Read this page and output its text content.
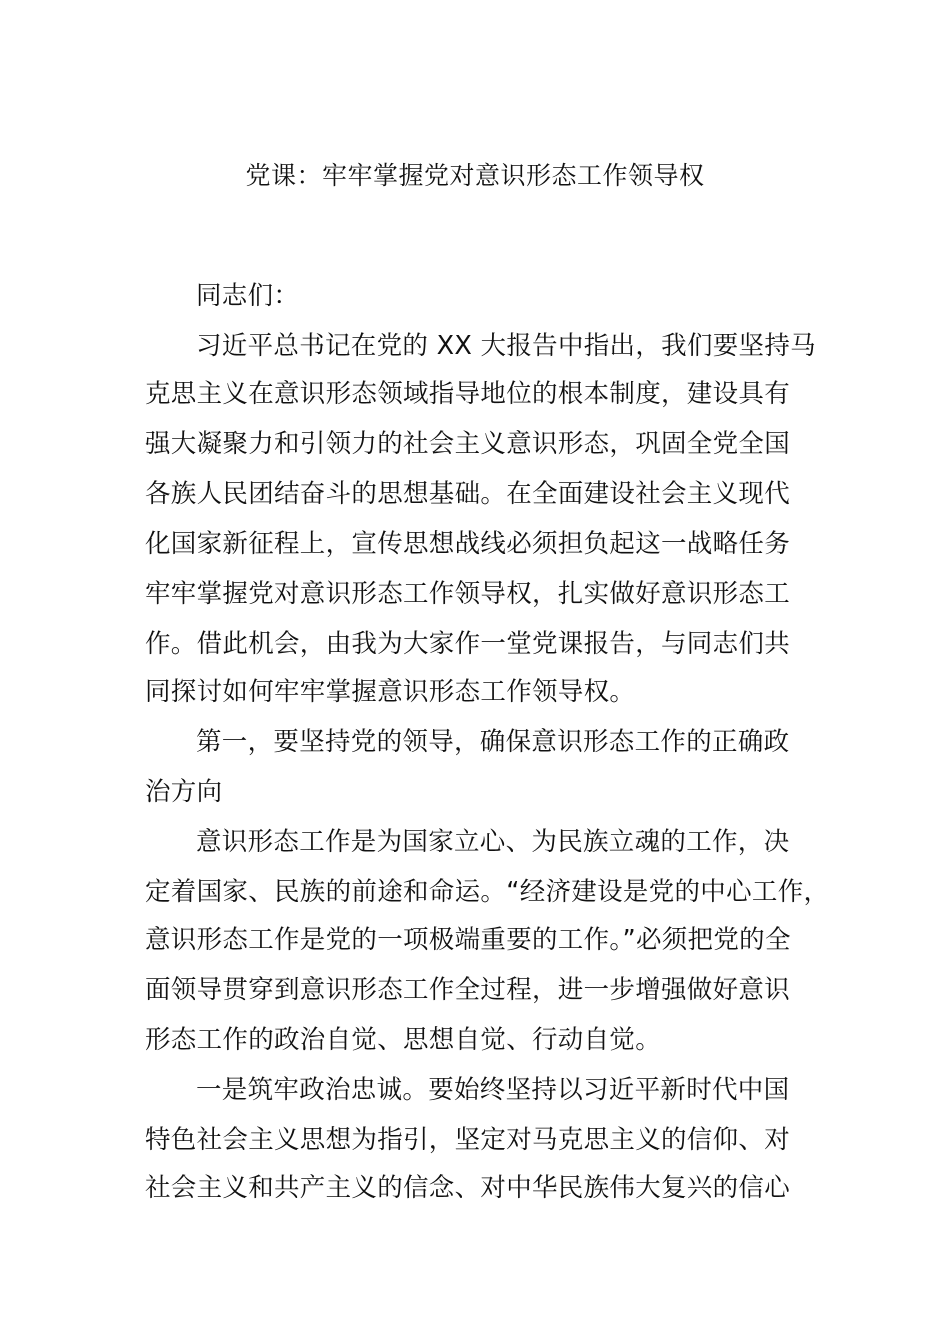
党课：牢牢掌握党对意识形态工作领导权
同志们：
习近平总书记在党的 XX 大报告中指出，我们要坚持马
克思主义在意识形态领域指导地位的根本制度，建设具有
强大凝聚力和引领力的社会主义意识形态，巩固全党全国
各族人民团结奋斗的思想基础。在全面建设社会主义现代
化国家新征程上，宣传思想战线必须担负起这一战略任务
牢牢掌握党对意识形态工作领导权，扎实做好意识形态工
作。借此机会，由我为大家作一堂党课报告，与同志们共
同探讨如何牢牢掌握意识形态工作领导权。
第一，要坚持党的领导，确保意识形态工作的正确政
治方向
意识形态工作是为国家立心、为民族立魂的工作，决
定着国家、民族的前途和命运。“经济建设是党的中心工作，
意识形态工作是党的一项极端重要的工作。”必须把党的全
面领导贯穿到意识形态工作全过程，进一步增强做好意识
形态工作的政治自觉、思想自觉、行动自觉。
一是筑牢政治忠诚。要始终坚持以习近平新时代中国
特色社会主义思想为指引，坚定对马克思主义的信仰、对
社会主义和共产主义的信念、对中华民族伟大复兴的信心
